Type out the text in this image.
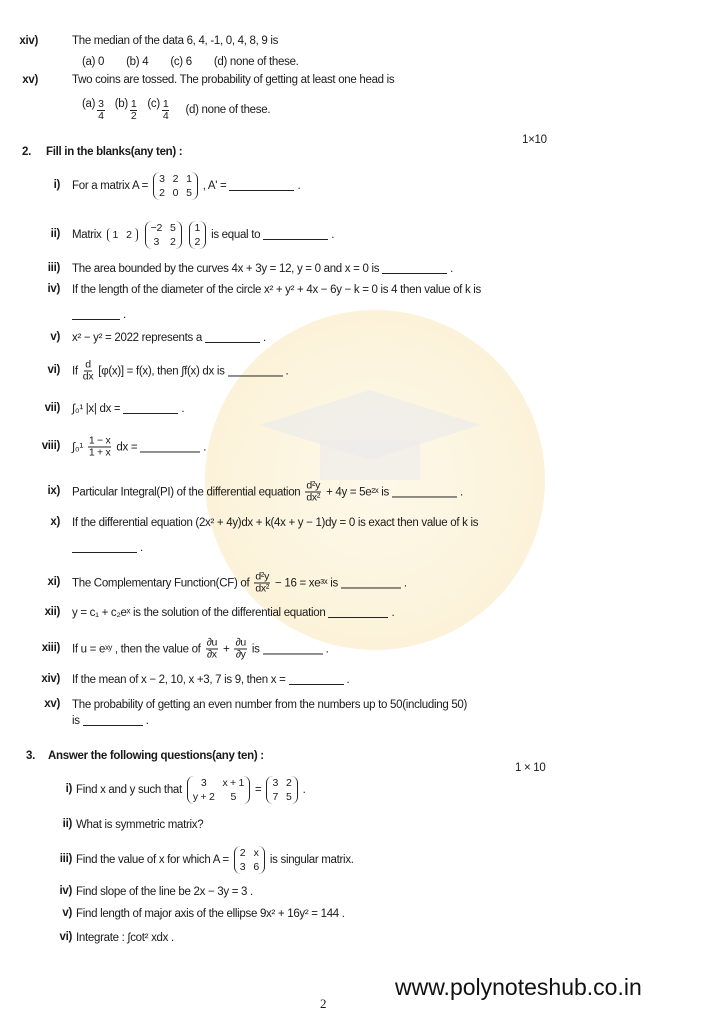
xiv)	The median of the data 6, 4, -1, 0, 4, 8, 9 is
(a) 0 (b) 4 (c) 6 (d) none of these.
xv)	Two coins are tossed. The probability of getting at least one head is
$(a) \frac{3}{4} (b) \frac{1}{2} (c) \frac{1}{4} (d)$ none of these.
2. Fill in the blanks(any ten) :
1×10
i) For a matrix A =
3 2 1
2 0 5
, A' =	.
ii) Matrix 1 2
−2 5
3 2
1
2
is equal to	.
iii) The area bounded by the curves 4x + 3y = 12, y = 0 and x = 0 is	.
iv) If the length of the diameter of the circle x² + y² + 4x − 6y − k = 0 is 4 then value of k is
.
v) x² − y² = 2022 represents a	.
vi) If $\frac{d}{dx} [\varphi(x)] = f(x)$, then ∫f(x) dx is	.
vii) ∫₀¹ |x| dx =	.
viii) $\int_0^1 \frac{1 - x}{1 + x}$ dx =	.
ix) Particular Integral(PI) of the differential equation $\frac{\text{d²y}}{\text{dx²}} + 4y$ = 5e²ˣ is	.
x) If the differential equation (2x² + 4y)dx + k(4x + y − 1)dy = 0 is exact then value of k is
.
xi) The Complementary Function(CF) of $\frac{\text{d²y}}{\text{dx²}} - 16$ = xe³ˣ is	.
xii) y = c₁ + c₂eˣ is the solution of the differential equation	.
xiii) If u = eˣʸ , then the value of $\frac{\partial u}{\partial x} + \frac{\partial u}{\partial y}$ is	.
xiv) If the mean of x − 2, 10, x +3, 7 is 9, then x =	.
xv) The probability of getting an even number from the numbers up to 50(including 50)
is	.
3. Answer the following questions(any ten) :
1 × 10
i) Find x and y such that
3	x + 1
y + 2	5
=
3 2
7 5
.
ii) What is symmetric matrix?
iii) Find the value of x for which A =
2 x
3 6
is singular matrix.
iv) Find slope of the line be 2x − 3y = 3 .
v) Find length of major axis of the ellipse 9x² + 16y² = 144 .
vi) Integrate : ∫cot² xdx .
www.polynoteshub.co.in
2
